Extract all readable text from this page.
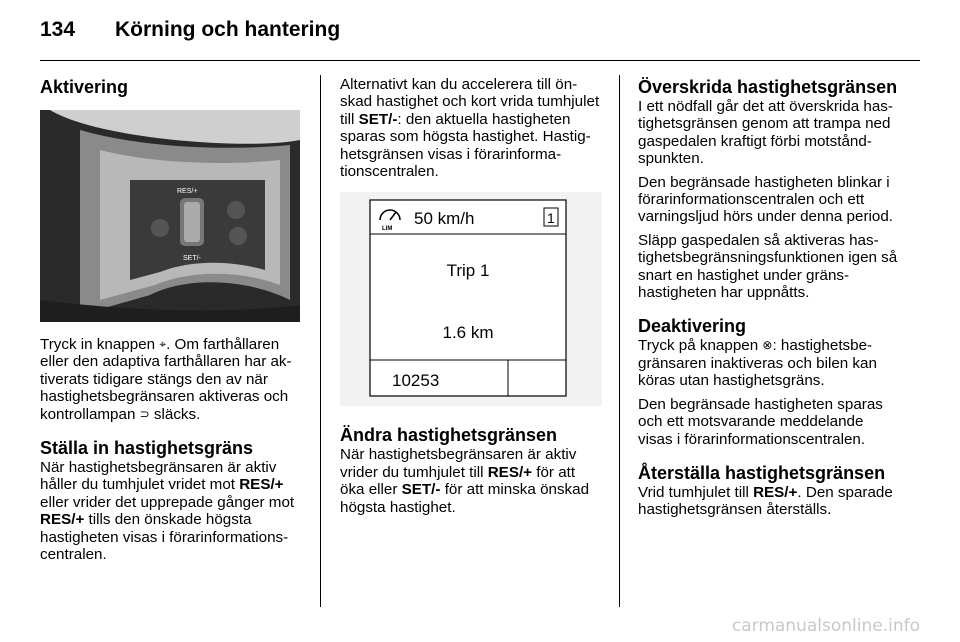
134 Körning och hantering
Aktivering
RES/+
SET/-

Tryck in knappen ⌖. Om farthållaren eller den adaptiva farthållaren har aktiverats tidigare stängs den av när hastighetsbegränsaren aktiveras och kontrollampan ⊃ släcks.

Ställa in hastighetsgräns

När hastighetsbegränsaren är aktiv håller du tumhjulet vridet mot RES/+ eller vrider det upprepade gånger mot RES/+ tills den önskade högsta hastigheten visas i förarinformationscentralen.

Alternativt kan du accelerera till önskad hastighet och kort vrida tumhjulet till SET/-: den aktuella hastigheten sparas som högsta hastighet. Hastighetsgränsen visas i förarinformationscentralen.

LIM
50 km/h	1
Trip 1
1.6 km
10253
Ändra hastighetsgränsen

När hastighetsbegränsaren är aktiv vrider du tumhjulet till RES/+ för att öka eller SET/- för att minska önskad högsta hastighet.

Överskrida hastighetsgränsen

I ett nödfall går det att överskrida hastighetsgränsen genom att trampa ned gaspedalen kraftigt förbi motståndspunkten.

Den begränsade hastigheten blinkar i förarinformationscentralen och ett varningsljud hörs under denna period.

Släpp gaspedalen så aktiveras hastighetsbegränsningsfunktionen igen så snart en hastighet under gränshastigheten har uppnåtts.

Deaktivering

Tryck på knappen ⊗: hastighetsbegränsaren inaktiveras och bilen kan köras utan hastighetsgräns.

Den begränsade hastigheten sparas och ett motsvarande meddelande visas i förarinformationscentralen.

Återställa hastighetsgränsen

Vrid tumhjulet till RES/+. Den sparade hastighetsgränsen återställs.

carmanualsonline.info
